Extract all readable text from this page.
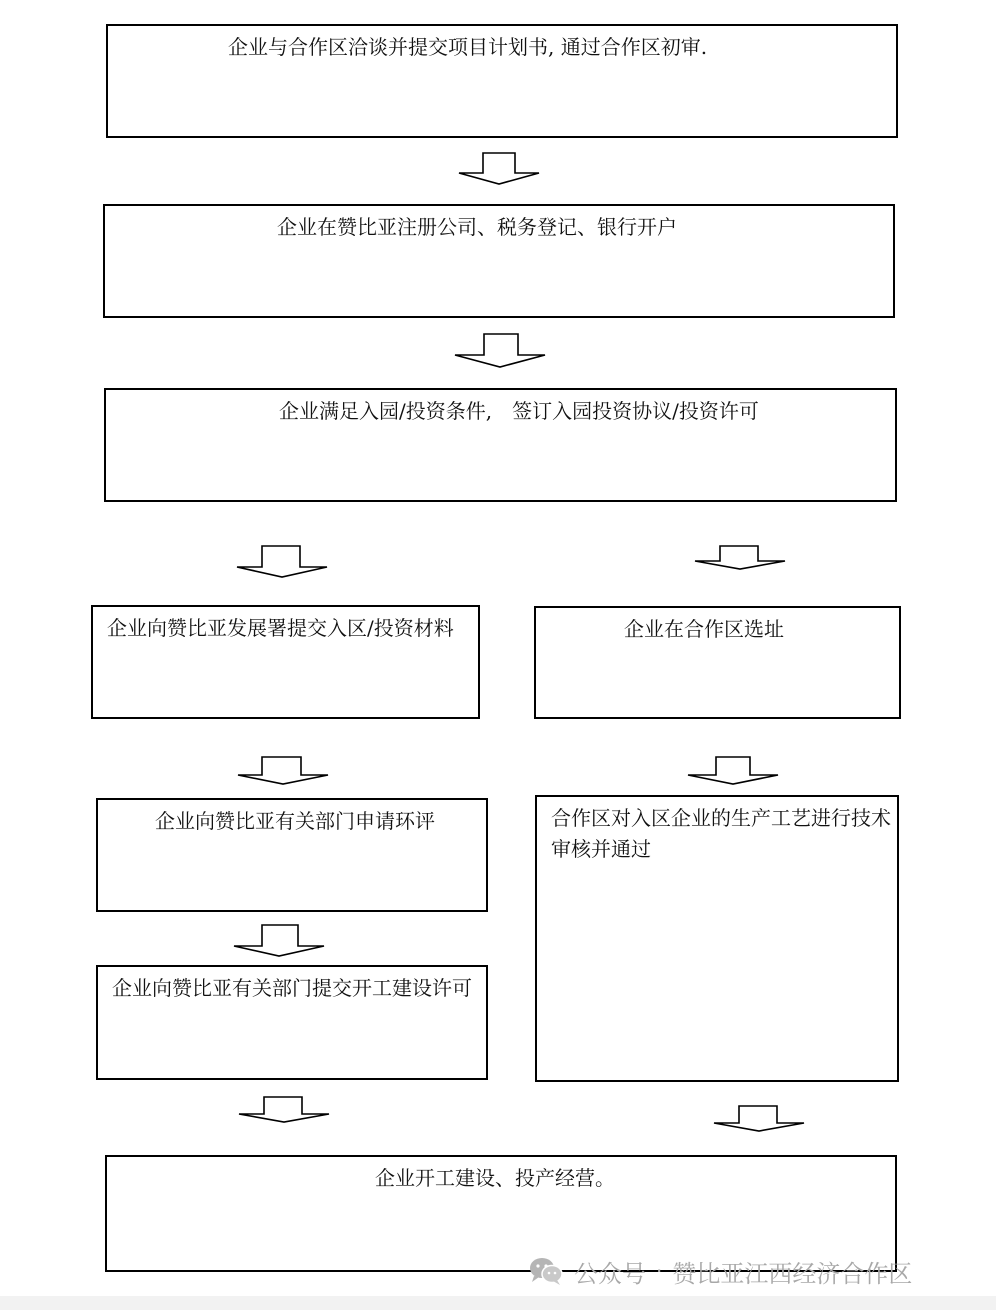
企业与合作区洽谈并提交项目计划书, 通过合作区初审.
企业在赞比亚注册公司、税务登记、银行开户
企业满足入园/投资条件,　签订入园投资协议/投资许可
企业向赞比亚发展署提交入区/投资材料	企业在合作区选址
企业向赞比亚有关部门申请环评	合作区对入区企业的生产工艺进行技术审核并通过
企业向赞比亚有关部门提交开工建设许可
企业开工建设、投产经营。
公众号 · 赞比亚江西经济合作区
